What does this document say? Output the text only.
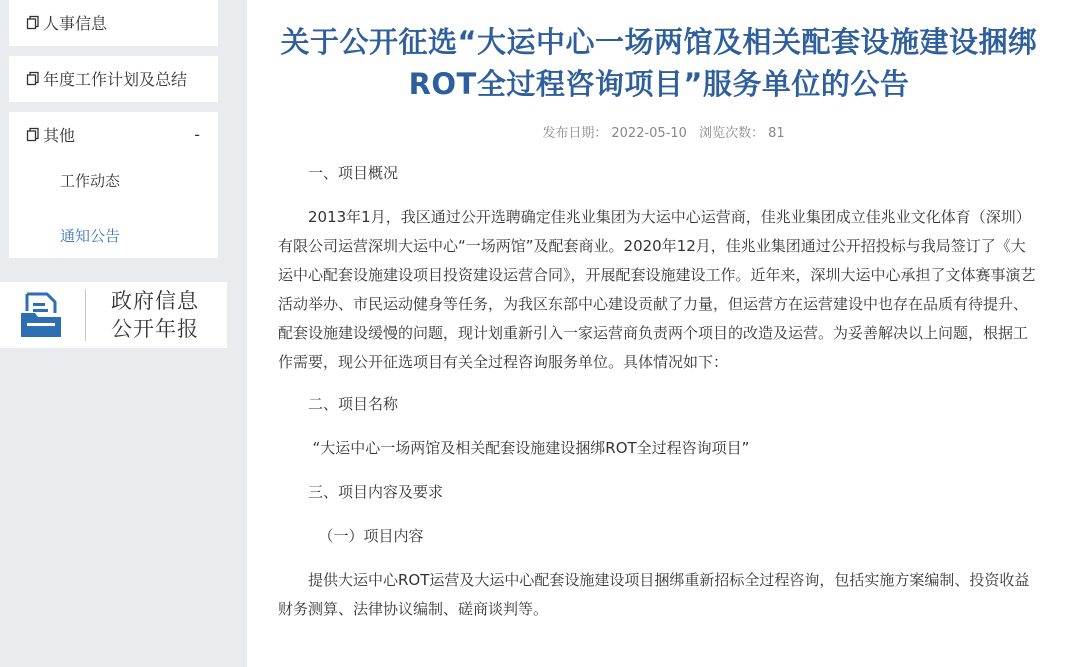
人事信息
年度工作计划及总结
其他	-
工作动态
通知公告
政府信息
公开年报
关于公开征选“大运中心一场两馆及相关配套设施建设捆绑ROT全过程咨询项目”服务单位的公告
发布日期： 2022-05-10 浏览次数： 81

一、项目概况

2013年1月，我区通过公开选聘确定佳兆业集团为大运中心运营商，佳兆业集团成立佳兆业文化体育（深圳）有限公司运营深圳大运中心“一场两馆”及配套商业。2020年12月，佳兆业集团通过公开招投标与我局签订了《大运中心配套设施建设项目投资建设运营合同》，开展配套设施建设工作。近年来，深圳大运中心承担了文体赛事演艺活动举办、市民运动健身等任务，为我区东部中心建设贡献了力量，但运营方在运营建设中也存在品质有待提升、配套设施建设缓慢的问题，现计划重新引入一家运营商负责两个项目的改造及运营。为妥善解决以上问题，根据工作需要，现公开征选项目有关全过程咨询服务单位。具体情况如下：

二、项目名称

“大运中心一场两馆及相关配套设施建设捆绑ROT全过程咨询项目”

三、项目内容及要求

（一）项目内容

提供大运中心ROT运营及大运中心配套设施建设项目捆绑重新招标全过程咨询，包括实施方案编制、投资收益财务测算、法律协议编制、磋商谈判等。
